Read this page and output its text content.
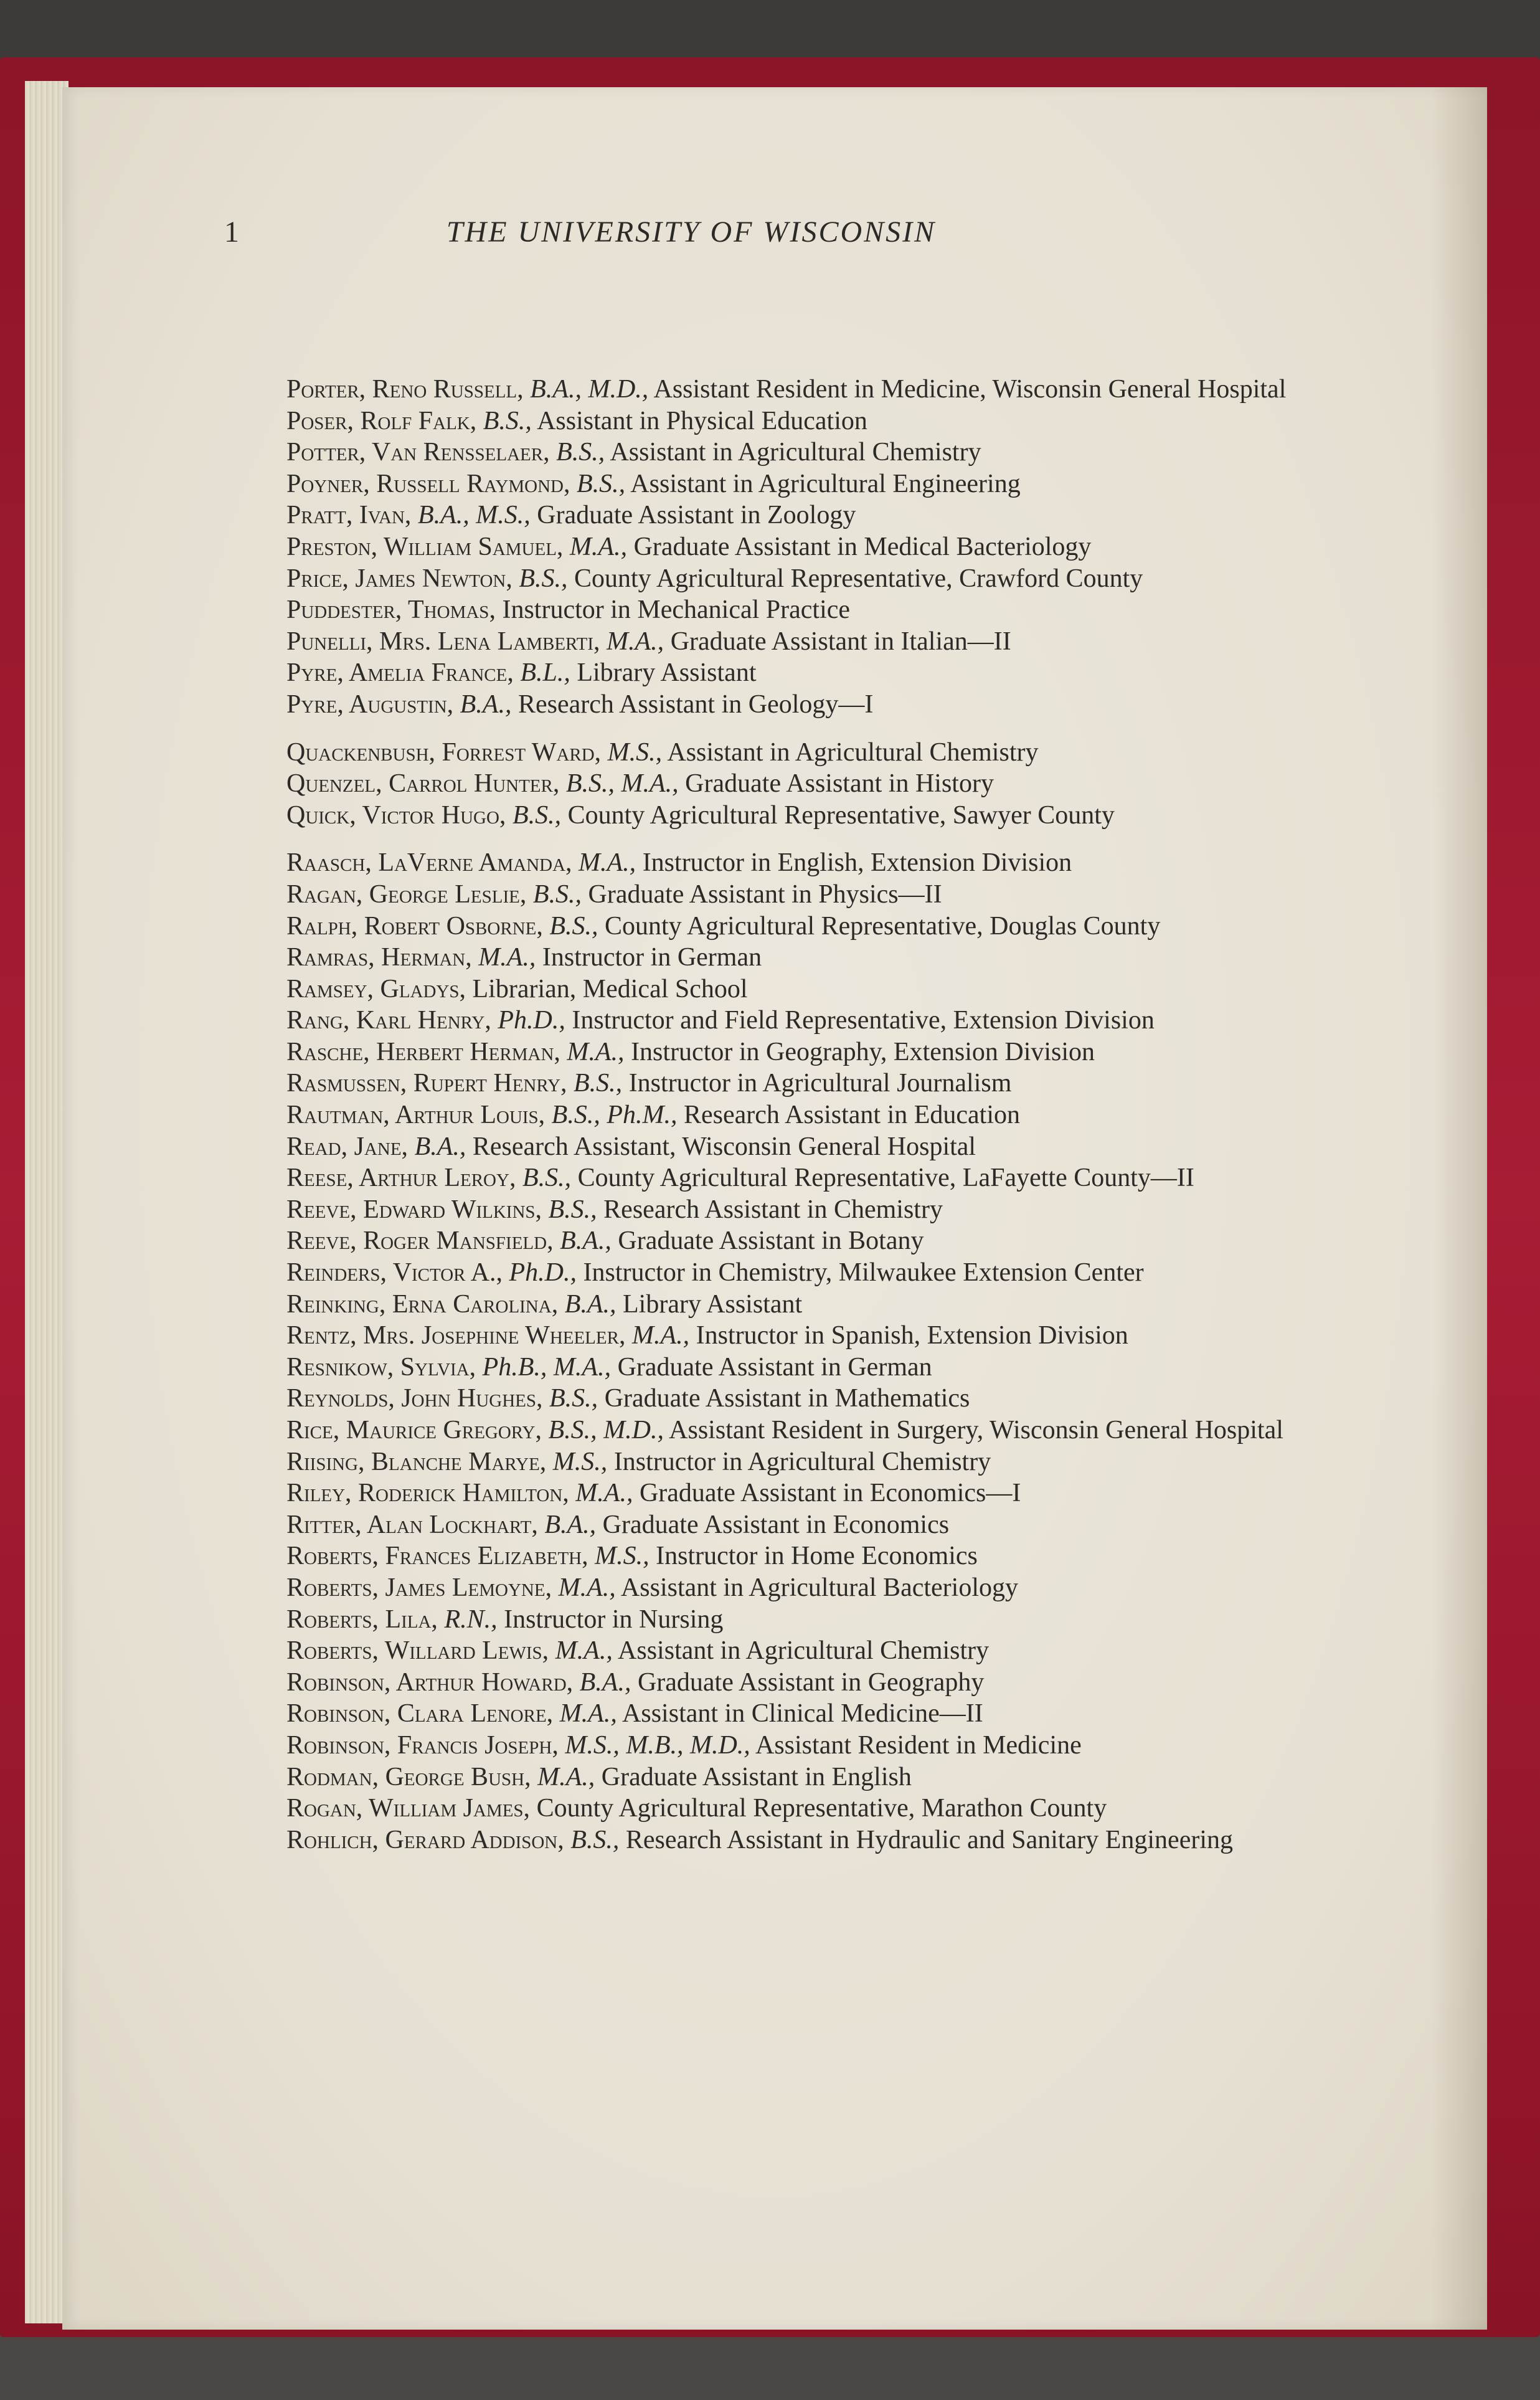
1	THE UNIVERSITY OF WISCONSIN

Porter, Reno Russell, B.A., M.D., Assistant Resident in Medicine, Wisconsin General Hospital

Poser, Rolf Falk, B.S., Assistant in Physical Education

Potter, Van Rensselaer, B.S., Assistant in Agricultural Chemistry

Poyner, Russell Raymond, B.S., Assistant in Agricultural Engineering

Pratt, Ivan, B.A., M.S., Graduate Assistant in Zoology

Preston, William Samuel, M.A., Graduate Assistant in Medical Bacteriology

Price, James Newton, B.S., County Agricultural Representative, Crawford County

Puddester, Thomas, Instructor in Mechanical Practice

Punelli, Mrs. Lena Lamberti, M.A., Graduate Assistant in Italian—II

Pyre, Amelia France, B.L., Library Assistant

Pyre, Augustin, B.A., Research Assistant in Geology—I

Quackenbush, Forrest Ward, M.S., Assistant in Agricultural Chemistry

Quenzel, Carrol Hunter, B.S., M.A., Graduate Assistant in History

Quick, Victor Hugo, B.S., County Agricultural Representative, Sawyer County

Raasch, LaVerne Amanda, M.A., Instructor in English, Extension Division

Ragan, George Leslie, B.S., Graduate Assistant in Physics—II

Ralph, Robert Osborne, B.S., County Agricultural Representative, Douglas County

Ramras, Herman, M.A., Instructor in German

Ramsey, Gladys, Librarian, Medical School

Rang, Karl Henry, Ph.D., Instructor and Field Representative, Extension Division

Rasche, Herbert Herman, M.A., Instructor in Geography, Extension Division

Rasmussen, Rupert Henry, B.S., Instructor in Agricultural Journalism

Rautman, Arthur Louis, B.S., Ph.M., Research Assistant in Education

Read, Jane, B.A., Research Assistant, Wisconsin General Hospital

Reese, Arthur Leroy, B.S., County Agricultural Representative, LaFayette County—II

Reeve, Edward Wilkins, B.S., Research Assistant in Chemistry

Reeve, Roger Mansfield, B.A., Graduate Assistant in Botany

Reinders, Victor A., Ph.D., Instructor in Chemistry, Milwaukee Extension Center

Reinking, Erna Carolina, B.A., Library Assistant

Rentz, Mrs. Josephine Wheeler, M.A., Instructor in Spanish, Extension Division

Resnikow, Sylvia, Ph.B., M.A., Graduate Assistant in German

Reynolds, John Hughes, B.S., Graduate Assistant in Mathematics

Rice, Maurice Gregory, B.S., M.D., Assistant Resident in Surgery, Wisconsin General Hospital

Riising, Blanche Marye, M.S., Instructor in Agricultural Chemistry

Riley, Roderick Hamilton, M.A., Graduate Assistant in Economics—I

Ritter, Alan Lockhart, B.A., Graduate Assistant in Economics

Roberts, Frances Elizabeth, M.S., Instructor in Home Economics

Roberts, James Lemoyne, M.A., Assistant in Agricultural Bacteriology

Roberts, Lila, R.N., Instructor in Nursing

Roberts, Willard Lewis, M.A., Assistant in Agricultural Chemistry

Robinson, Arthur Howard, B.A., Graduate Assistant in Geography

Robinson, Clara Lenore, M.A., Assistant in Clinical Medicine—II

Robinson, Francis Joseph, M.S., M.B., M.D., Assistant Resident in Medicine

Rodman, George Bush, M.A., Graduate Assistant in English

Rogan, William James, County Agricultural Representative, Marathon County

Rohlich, Gerard Addison, B.S., Research Assistant in Hydraulic and Sanitary Engineering
